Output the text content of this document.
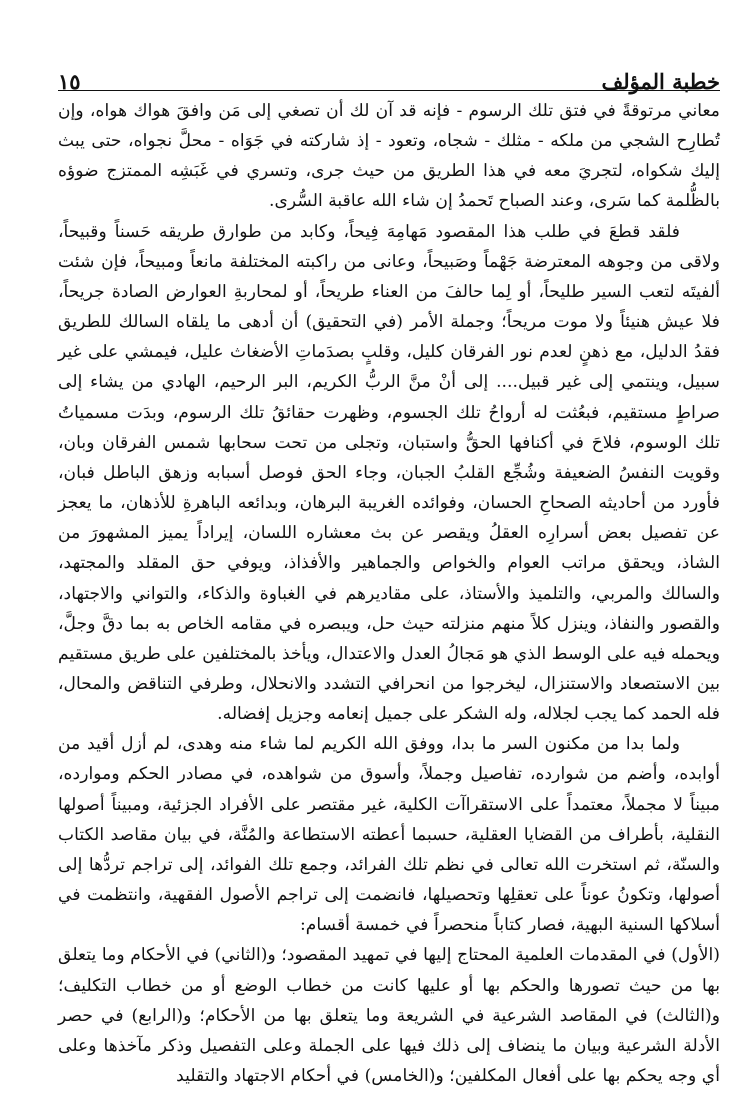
خطبة المؤلف
١٥

معاني مرتوقةً في فتق تلك الرسوم - فإنه قد آن لك أن تصغي إلى مَن وافقَ هواك هواه، وإن تُطارِح الشجي من ملكه - مثلك - شجاه، وتعود - إذ شاركته في جَوَاه - محلَّ نجواه، حتى يبث إليك شكواه، لتجريَ معه في هذا الطريق من حيث جرى، وتسري في غَبَشِه الممتزج ضوؤه بالظُّلمة كما سَرى، وعند الصباح تَحمدُ إن شاء الله عاقبة السُّرى.

فلقد قطعَ في طلب هذا المقصود مَهامِهَ فِيحاً، وكابد من طوارق طريقه حَسناً وقبيحاً، ولاقى من وجوهه المعترضة جَهْماً وصَبيحاً، وعانى من راكبته المختلفة مانعاً ومبيحاً، فإن شئت ألفيتَه لتعب السير طليحاً، أو لِما حالفَ من العناء طريحاً، أو لمحاربةِ العوارض الصادة جريحاً، فلا عيش هنيئاً ولا موت مريحاً؛ وجملة الأمر (في التحقيق) أن أدهى ما يلقاه السالك للطريق فقدُ الدليل، مع ذهنٍ لعدم نور الفرقان كليل، وقلبٍ بصدَماتِ الأضغاث عليل، فيمشي على غير سبيل، وينتمي إلى غير قبيل.... إلى أنْ منَّ الربُّ الكريم، البر الرحيم، الهادي من يشاء إلى صراطٍ مستقيم، فبعُثت له أرواحُ تلك الجسوم، وظهرت حقائقُ تلك الرسوم، وبدَت مسمياتُ تلك الوسوم، فلاحَ في أكنافها الحقُّ واستبان، وتجلى من تحت سحابها شمس الفرقان وبان، وقويت النفسُ الضعيفة وشُجِّع القلبُ الجبان، وجاء الحق فوصل أسبابه وزهق الباطل فبان، فأورد من أحاديثه الصحاحِ الحسان، وفوائده الغريبة البرهان، وبدائعه الباهرةِ للأذهان، ما يعجز عن تفصيل بعض أسرارِه العقلُ ويقصر عن بث معشاره اللسان، إيراداً يميز المشهورَ من الشاذ، ويحقق مراتب العوام والخواص والجماهير والأفذاذ، ويوفي حق المقلد والمجتهد، والسالك والمربي، والتلميذ والأستاذ، على مقاديرهم في الغباوة والذكاء، والتواني والاجتهاد، والقصور والنفاذ، وينزل كلاً منهم منزلته حيث حل، ويبصره في مقامه الخاص به بما دقَّ وجلَّ، ويحمله فيه على الوسط الذي هو مَجالُ العدل والاعتدال، ويأخذ بالمختلفين على طريق مستقيم بين الاستصعاد والاستنزال، ليخرجوا من انحرافي التشدد والانحلال، وطرفي التناقض والمحال، فله الحمد كما يجب لجلاله، وله الشكر على جميل إنعامه وجزيل إفضاله.

ولما بدا من مكنون السر ما بدا، ووفق الله الكريم لما شاء منه وهدى، لم أزل أقيد من أوابده، وأضم من شوارده، تفاصيل وجملاً، وأسوق من شواهده، في مصادر الحكم وموارده، مبيناً لا مجملاً، معتمداً على الاستقراآت الكلية، غير مقتصر على الأفراد الجزئية، ومبيناً أصولها النقلية، بأطراف من القضايا العقلية، حسبما أعطته الاستطاعة والمُنَّة، في بيان مقاصد الكتاب والسنّة، ثم استخرت الله تعالى في نظم تلك الفرائد، وجمع تلك الفوائد، إلى تراجم تردُّها إلى أصولها، وتكونُ عوناً على تعقلِها وتحصيلها، فانضمت إلى تراجم الأصول الفقهية، وانتظمت في أسلاكها السنية البهية، فصار كتاباً منحصراً في خمسة أقسام:

(الأول) في المقدمات العلمية المحتاج إليها في تمهيد المقصود؛ و(الثاني) في الأحكام وما يتعلق بها من حيث تصورها والحكم بها أو عليها كانت من خطاب الوضع أو من خطاب التكليف؛ و(الثالث) في المقاصد الشرعية في الشريعة وما يتعلق بها من الأحكام؛ و(الرابع) في حصر الأدلة الشرعية وبيان ما ينضاف إلى ذلك فيها على الجملة وعلى التفصيل وذكر مآخذها وعلى أي وجه يحكم بها على أفعال المكلفين؛ و(الخامس) في أحكام الاجتهاد والتقليد
